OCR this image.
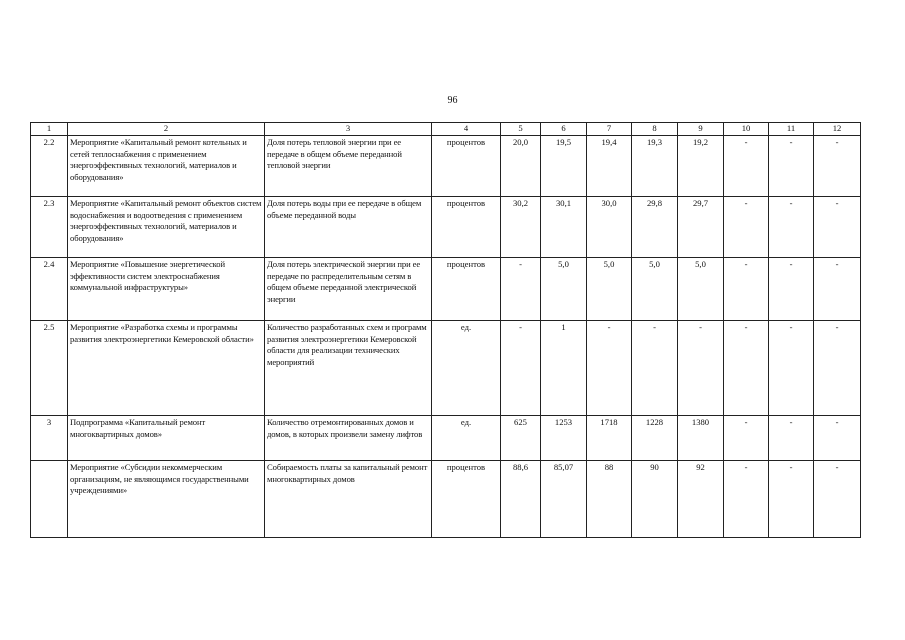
96
1	2	3	4	5	6	7	8	9	10	11	12
2.2	Мероприятие «Капитальный ремонт котельных и сетей теплоснабжения с применением энергоэффективных технологий, материалов и оборудования»	Доля потерь тепловой энергии при ее передаче в общем объеме переданной тепловой энергии	процентов	20,0	19,5	19,4	19,3	19,2	-	-	-
2.3	Мероприятие «Капитальный ремонт объектов систем водоснабжения и водоотведения с применением энергоэффективных технологий, материалов и оборудования»	Доля потерь воды при ее передаче в общем объеме переданной воды	процентов	30,2	30,1	30,0	29,8	29,7	-	-	-
2.4	Мероприятие «Повышение энергетической эффективности систем электроснабжения коммунальной инфраструктуры»	Доля потерь электрической энергии при ее передаче по распределительным сетям в общем объеме переданной электрической энергии	процентов	-	5,0	5,0	5,0	5,0	-	-	-
2.5	Мероприятие «Разработка схемы и программы развития электроэнергетики Кемеровской области»	Количество разработанных схем и программ развития электроэнергетики Кемеровской области для реализации технических мероприятий	ед.	-	1	-	-	-	-	-	-
3	Подпрограмма «Капитальный ремонт многоквартирных домов»	Количество отремонтированных домов и домов, в которых произвели замену лифтов	ед.	625	1253	1718	1228	1380	-	-	-
	Мероприятие «Субсидии некоммерческим организациям, не являющимся государственными учреждениями»	Собираемость платы за капитальный ремонт многоквартирных домов	процентов	88,6	85,07	88	90	92	-	-	-
